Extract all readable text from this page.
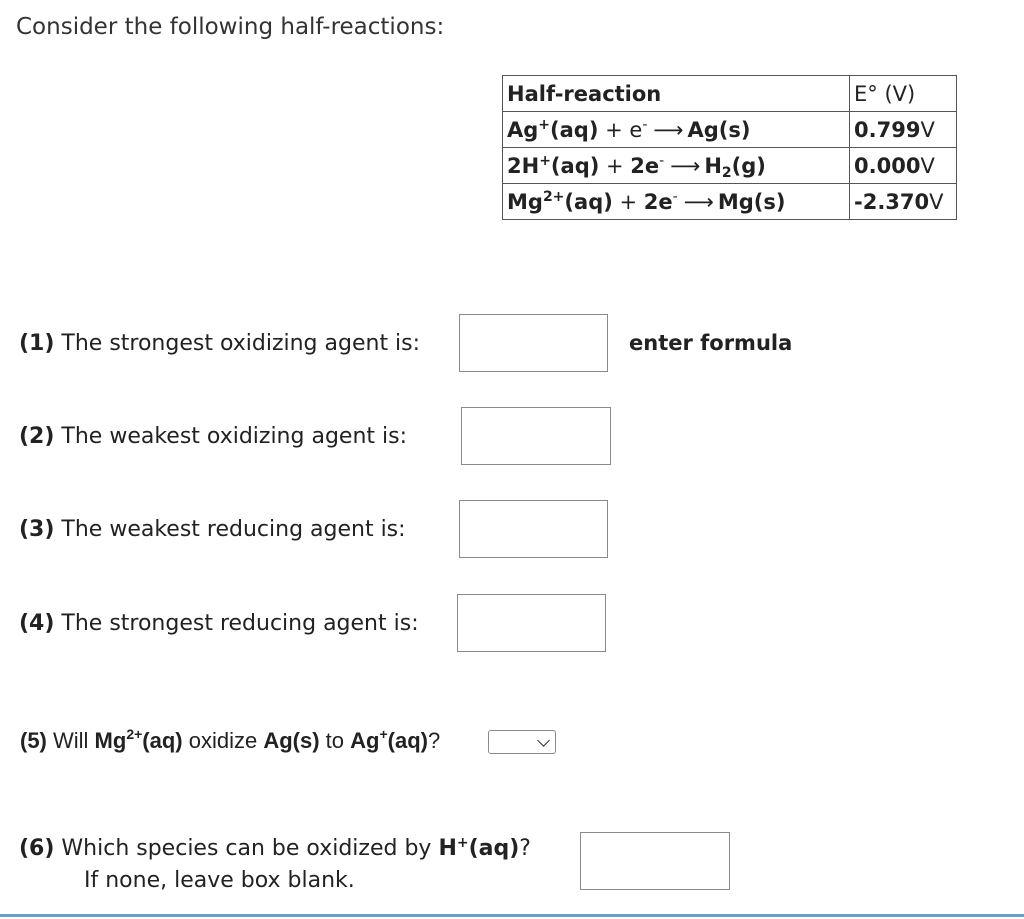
Consider the following half-reactions:
Half-reaction	E° (V)
Ag+(aq) + e- ⟶ Ag(s)	0.799V
2H+(aq) + 2e- ⟶ $H_2(g)$	0.000V
$Mg^{2+}(aq) + 2e^-$ ⟶ Mg(s)	-2.370V
(1) The strongest oxidizing agent is:	enter formula
(2) The weakest oxidizing agent is:
(3) The weakest reducing agent is:
(4) The strongest reducing agent is:
(5) Will $Mg^{2+}(aq)$ oxidize Ag(s) to Ag+(aq)?
(6) Which species can be oxidized by H+(aq)?
If none, leave box blank.
